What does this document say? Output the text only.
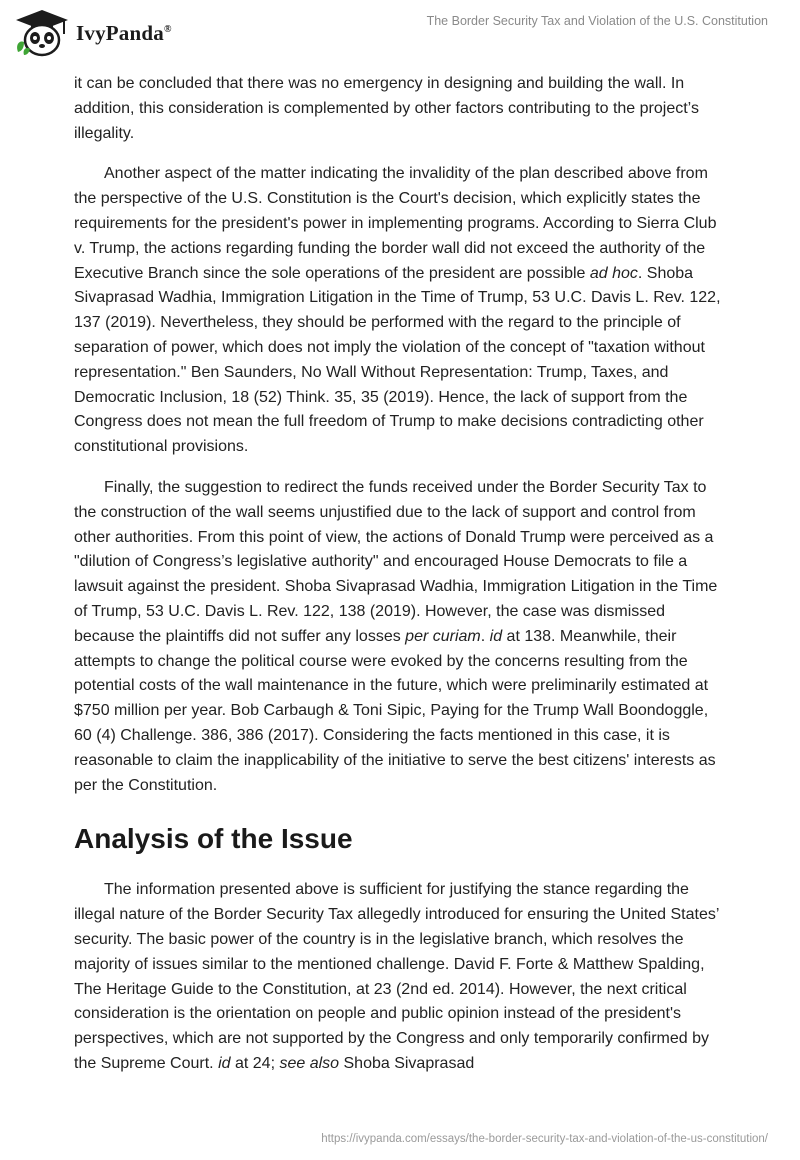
IvyPanda®
The Border Security Tax and Violation of the U.S. Constitution

it can be concluded that there was no emergency in designing and building the wall. In addition, this consideration is complemented by other factors contributing to the project’s illegality.

Another aspect of the matter indicating the invalidity of the plan described above from the perspective of the U.S. Constitution is the Court's decision, which explicitly states the requirements for the president's power in implementing programs. According to Sierra Club v. Trump, the actions regarding funding the border wall did not exceed the authority of the Executive Branch since the sole operations of the president are possible ad hoc. Shoba Sivaprasad Wadhia, Immigration Litigation in the Time of Trump, 53 U.C. Davis L. Rev. 122, 137 (2019). Nevertheless, they should be performed with the regard to the principle of separation of power, which does not imply the violation of the concept of "taxation without representation." Ben Saunders, No Wall Without Representation: Trump, Taxes, and Democratic Inclusion, 18 (52) Think. 35, 35 (2019). Hence, the lack of support from the Congress does not mean the full freedom of Trump to make decisions contradicting other constitutional provisions.

Finally, the suggestion to redirect the funds received under the Border Security Tax to the construction of the wall seems unjustified due to the lack of support and control from other authorities. From this point of view, the actions of Donald Trump were perceived as a "dilution of Congress’s legislative authority" and encouraged House Democrats to file a lawsuit against the president. Shoba Sivaprasad Wadhia, Immigration Litigation in the Time of Trump, 53 U.C. Davis L. Rev. 122, 138 (2019). However, the case was dismissed because the plaintiffs did not suffer any losses per curiam. id at 138. Meanwhile, their attempts to change the political course were evoked by the concerns resulting from the potential costs of the wall maintenance in the future, which were preliminarily estimated at $750 million per year. Bob Carbaugh & Toni Sipic, Paying for the Trump Wall Boondoggle, 60 (4) Challenge. 386, 386 (2017). Considering the facts mentioned in this case, it is reasonable to claim the inapplicability of the initiative to serve the best citizens' interests as per the Constitution.

Analysis of the Issue

The information presented above is sufficient for justifying the stance regarding the illegal nature of the Border Security Tax allegedly introduced for ensuring the United States’ security. The basic power of the country is in the legislative branch, which resolves the majority of issues similar to the mentioned challenge. David F. Forte & Matthew Spalding, The Heritage Guide to the Constitution, at 23 (2nd ed. 2014). However, the next critical consideration is the orientation on people and public opinion instead of the president's perspectives, which are not supported by the Congress and only temporarily confirmed by the Supreme Court. id at 24; see also Shoba Sivaprasad

https://ivypanda.com/essays/the-border-security-tax-and-violation-of-the-us-constitution/
